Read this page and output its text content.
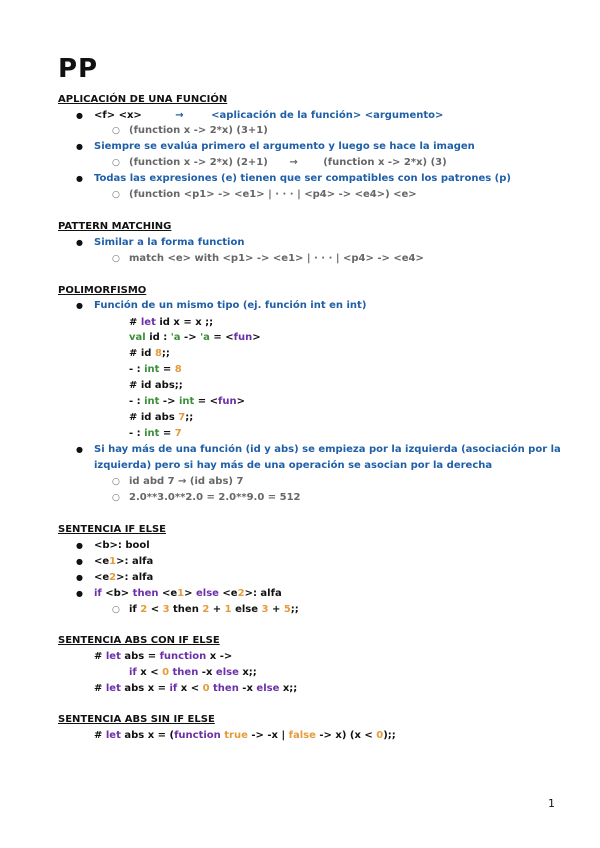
PP
APLICACIÓN DE UNA FUNCIÓN
● <f> <x>	→	<aplicación de la función> <argumento>
○ (function x -> 2*x) (3+1)
● Siempre se evalúa primero el argumento y luego se hace la imagen
○ (function x -> 2*x) (2+1) →	(function x -> 2*x) (3)
● Todas las expresiones (e) tienen que ser compatibles con los patrones (p)
○ (function <p1> -> <e1> | · · · | <p4> -> <e4>) <e>
PATTERN MATCHING
● Similar a la forma function
○ match <e> with <p1> -> <e1> | · · · | <p4> -> <e4>
POLIMORFISMO
● Función de un mismo tipo (ej. función int en int)
# let id x = x ;;
val id : 'a -> 'a = <fun>
# id 8;;
- : int = 8
# id abs;;
- : int -> int = <fun>
# id abs 7;;
- : int = 7
● Si hay más de una función (id y abs) se empieza por la izquierda (asociación por la
izquierda) pero si hay más de una operación se asocian por la derecha
○ id abd 7 → (id abs) 7
○ 2.0**3.0**2.0 = 2.0**9.0 = 512
SENTENCIA IF ELSE
● <b>: bool
● <e1>: alfa
● <e2>: alfa
● if <b> then <e1> else <e2>: alfa
○ if 2 < 3 then 2 + 1 else 3 + 5;;
SENTENCIA ABS CON IF ELSE
# let abs = function x ->
if x < 0 then -x else x;;
# let abs x = if x < 0 then -x else x;;
SENTENCIA ABS SIN IF ELSE
# let abs x = (function true -> -x | false -> x) (x < 0);;
1
